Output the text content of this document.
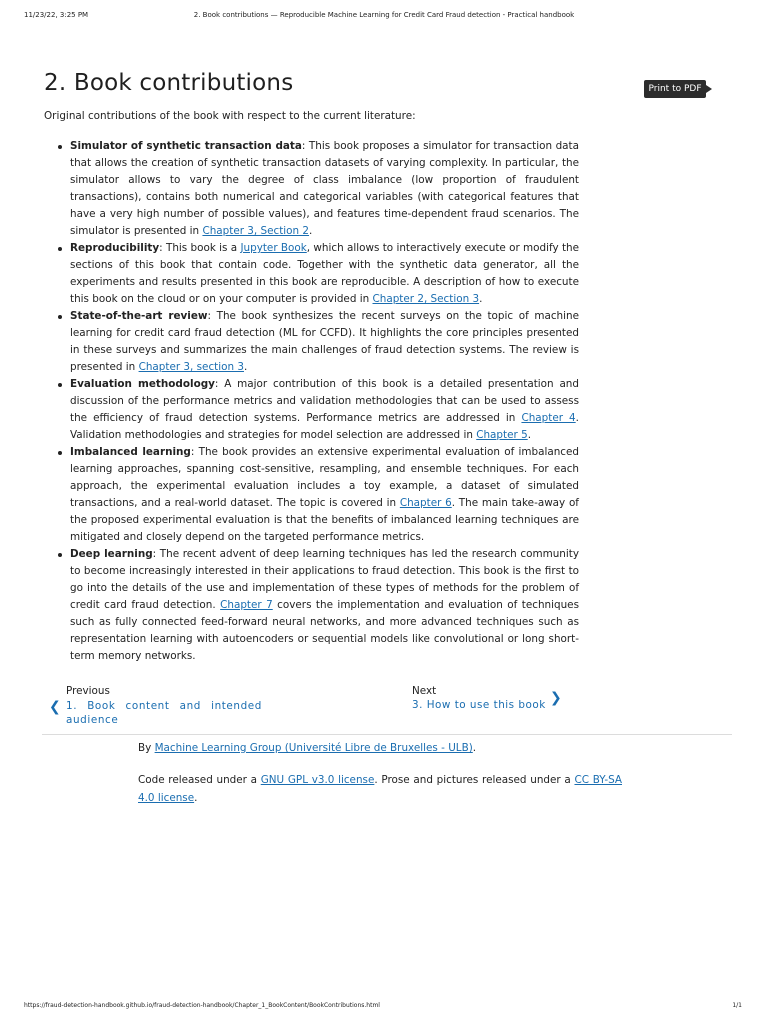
11/23/22, 3:25 PM	2. Book contributions — Reproducible Machine Learning for Credit Card Fraud detection - Practical handbook
Print to PDF
2. Book contributions
Original contributions of the book with respect to the current literature:
Simulator of synthetic transaction data: This book proposes a simulator for transaction data that allows the creation of synthetic transaction datasets of varying complexity. In particular, the simulator allows to vary the degree of class imbalance (low proportion of fraudulent transactions), contains both numerical and categorical variables (with categorical features that have a very high number of possible values), and features time-dependent fraud scenarios. The simulator is presented in Chapter 3, Section 2.
Reproducibility: This book is a Jupyter Book, which allows to interactively execute or modify the sections of this book that contain code. Together with the synthetic data generator, all the experiments and results presented in this book are reproducible. A description of how to execute this book on the cloud or on your computer is provided in Chapter 2, Section 3.
State-of-the-art review: The book synthesizes the recent surveys on the topic of machine learning for credit card fraud detection (ML for CCFD). It highlights the core principles presented in these surveys and summarizes the main challenges of fraud detection systems. The review is presented in Chapter 3, section 3.
Evaluation methodology: A major contribution of this book is a detailed presentation and discussion of the performance metrics and validation methodologies that can be used to assess the efficiency of fraud detection systems. Performance metrics are addressed in Chapter 4. Validation methodologies and strategies for model selection are addressed in Chapter 5.
Imbalanced learning: The book provides an extensive experimental evaluation of imbalanced learning approaches, spanning cost-sensitive, resampling, and ensemble techniques. For each approach, the experimental evaluation includes a toy example, a dataset of simulated transactions, and a real-world dataset. The topic is covered in Chapter 6. The main take-away of the proposed experimental evaluation is that the benefits of imbalanced learning techniques are mitigated and closely depend on the targeted performance metrics.
Deep learning: The recent advent of deep learning techniques has led the research community to become increasingly interested in their applications to fraud detection. This book is the first to go into the details of the use and implementation of these types of methods for the problem of credit card fraud detection. Chapter 7 covers the implementation and evaluation of techniques such as fully connected feed-forward neural networks, and more advanced techniques such as representation learning with autoencoders or sequential models like convolutional or long short-term memory networks.
❮
Previous
1. Book content and intended
audience
Next
3. How to use this book ❯
By Machine Learning Group (Université Libre de Bruxelles - ULB).
Code released under a GNU GPL v3.0 license. Prose and pictures released under a CC BY-SA 4.0 license.
https://fraud-detection-handbook.github.io/fraud-detection-handbook/Chapter_1_BookContent/BookContributions.html	1/1
